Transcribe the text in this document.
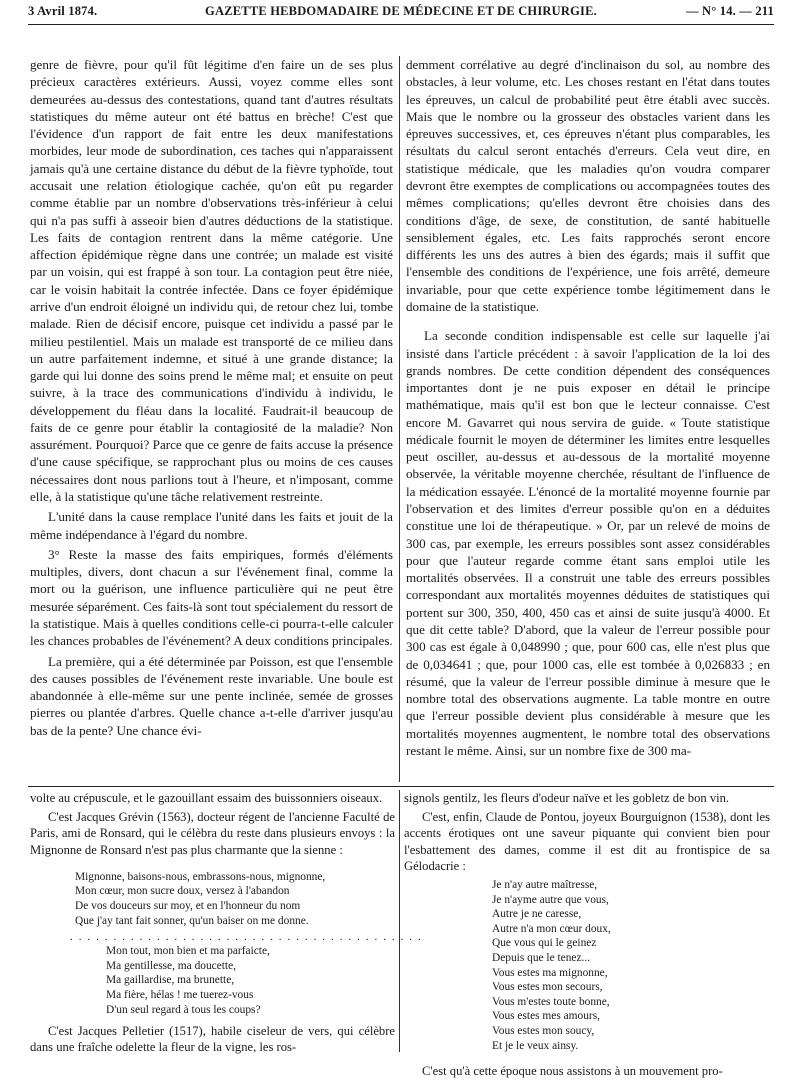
3 Avril 1874.	GAZETTE HEBDOMADAIRE DE MÉDECINE ET DE CHIRURGIE.	— N° 14. — 211

genre de fièvre, pour qu'il fût légitime d'en faire un de ses plus précieux caractères extérieurs. Aussi, voyez comme elles sont demeurées au-dessus des contestations, quand tant d'autres résultats statistiques du même auteur ont été battus en brèche! C'est que l'évidence d'un rapport de fait entre les deux manifestations morbides, leur mode de subordination, ces taches qui n'apparaissent jamais qu'à une certaine distance du début de la fièvre typhoïde, tout accusait une relation étiologique cachée, qu'on eût pu regarder comme établie par un nombre d'observations très-inférieur à celui qui n'a pas suffi à asseoir bien d'autres déductions de la statistique. Les faits de contagion rentrent dans la même catégorie. Une affection épidémique règne dans une contrée; un malade est visité par un voisin, qui est frappé à son tour. La contagion peut être niée, car le voisin habitait la contrée infectée. Dans ce foyer épidémique arrive d'un endroit éloigné un individu qui, de retour chez lui, tombe malade. Rien de décisif encore, puisque cet individu a passé par le milieu pestilentiel. Mais un malade est transporté de ce milieu dans un autre parfaitement indemne, et situé à une grande distance; la garde qui lui donne des soins prend le même mal; et ensuite on peut suivre, à la trace des communications d'individu à individu, le développement du fléau dans la localité. Faudrait-il beaucoup de faits de ce genre pour établir la contagiosité de la maladie? Non assurément. Pourquoi? Parce que ce genre de faits accuse la présence d'une cause spécifique, se rapprochant plus ou moins de ces causes nécessaires dont nous parlions tout à l'heure, et n'imposant, comme elle, à la statistique qu'une tâche relativement restreinte.

L'unité dans la cause remplace l'unité dans les faits et jouit de la même indépendance à l'égard du nombre.

3° Reste la masse des faits empiriques, formés d'éléments multiples, divers, dont chacun a sur l'événement final, comme la mort ou la guérison, une influence particulière qui ne peut être mesurée séparément. Ces faits-là sont tout spécialement du ressort de la statistique. Mais à quelles conditions celle-ci pourra-t-elle calculer les chances probables de l'événement? A deux conditions principales.

La première, qui a été déterminée par Poisson, est que l'ensemble des causes possibles de l'événement reste invariable. Une boule est abandonnée à elle-même sur une pente inclinée, semée de grosses pierres ou plantée d'arbres. Quelle chance a-t-elle d'arriver jusqu'au bas de la pente? Une chance évi-

demment corrélative au degré d'inclinaison du sol, au nombre des obstacles, à leur volume, etc. Les choses restant en l'état dans toutes les épreuves, un calcul de probabilité peut être établi avec succès. Mais que le nombre ou la grosseur des obstacles varient dans les épreuves successives, et, ces épreuves n'étant plus comparables, les résultats du calcul seront entachés d'erreurs. Cela veut dire, en statistique médicale, que les maladies qu'on voudra comparer devront être exemptes de complications ou accompagnées toutes des mêmes complications; qu'elles devront être choisies dans des conditions d'âge, de sexe, de constitution, de santé habituelle sensiblement égales, etc. Les faits rapprochés seront encore différents les uns des autres à bien des égards; mais il suffit que l'ensemble des conditions de l'expérience, une fois arrêté, demeure invariable, pour que cette expérience tombe légitimement dans le domaine de la statistique.

La seconde condition indispensable est celle sur laquelle j'ai insisté dans l'article précédent : à savoir l'application de la loi des grands nombres. De cette condition dépendent des conséquences importantes dont je ne puis exposer en détail le principe mathématique, mais qu'il est bon que le lecteur connaisse. C'est encore M. Gavarret qui nous servira de guide. « Toute statistique médicale fournit le moyen de déterminer les limites entre lesquelles peut osciller, au-dessus et au-dessous de la mortalité moyenne observée, la véritable moyenne cherchée, résultant de l'influence de la médication essayée. L'énoncé de la mortalité moyenne fournie par l'observation et des limites d'erreur possible qu'on en a déduites constitue une loi de thérapeutique. » Or, par un relevé de moins de 300 cas, par exemple, les erreurs possibles sont assez considérables pour que l'auteur regarde comme étant sans emploi utile les mortalités observées. Il a construit une table des erreurs possibles correspondant aux mortalités moyennes déduites de statistiques qui portent sur 300, 350, 400, 450 cas et ainsi de suite jusqu'à 4000. Et que dit cette table? D'abord, que la valeur de l'erreur possible pour 300 cas est égale à 0,048990 ; que, pour 600 cas, elle n'est plus que de 0,034641 ; que, pour 1000 cas, elle est tombée à 0,026833 ; en résumé, que la valeur de l'erreur possible diminue à mesure que le nombre total des observations augmente. La table montre en outre que l'erreur possible devient plus considérable à mesure que les mortalités moyennes augmentent, le nombre total des observations restant le même. Ainsi, sur un nombre fixe de 300 ma-

volte au crépuscule, et le gazouillant essaim des buissonniers oiseaux.

C'est Jacques Grévin (1563), docteur régent de l'ancienne Faculté de Paris, ami de Ronsard, qui le célèbra du reste dans plusieurs envoys : la Mignonne de Ronsard n'est pas plus charmante que la sienne :

Mignonne, baisons-nous, embrassons-nous, mignonne,
Mon cœur, mon sucre doux, versez à l'abandon
De vos douceurs sur moy, et en l'honneur du nom
Que j'ay tant fait sonner, qu'un baiser on me donne.
. . . . . . . . . . . . . . . . . . . . . . . . . . . . . . . . . . . . . . . . .
Mon tout, mon bien et ma parfaicte,
Ma gentillesse, ma doucette,
Ma gaillardise, ma brunette,
Ma fière, hélas ! me tuerez-vous
D'un seul regard à tous les coups?

C'est Jacques Pelletier (1517), habile ciseleur de vers, qui célèbre dans une fraîche odelette la fleur de la vigne, les ros-

signols gentilz, les fleurs d'odeur naïve et les gobletz de bon vin.

C'est, enfin, Claude de Pontou, joyeux Bourguignon (1538), dont les accents érotiques ont une saveur piquante qui convient bien pour l'esbattement des dames, comme il est dit au frontispice de sa Gélodacrie :

Je n'ay autre maîtresse,
Je n'ayme autre que vous,
Autre je ne caresse,
Autre n'a mon cœur doux,
Que vous qui le geinez
Depuis que le tenez...
Vous estes ma mignonne,
Vous estes mon secours,
Vous m'estes toute bonne,
Vous estes mes amours,
Vous estes mon soucy,
Et je le veux ainsy.

C'est qu'à cette époque nous assistons à un mouvement pro-
